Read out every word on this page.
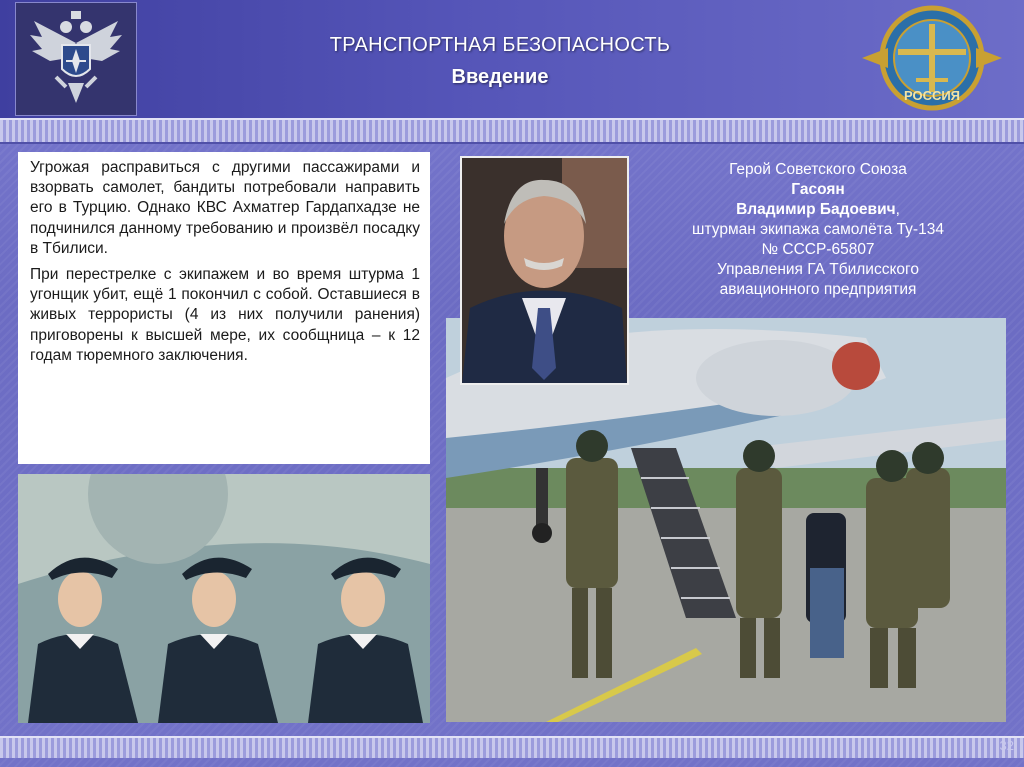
ТРАНСПОРТНАЯ БЕЗОПАСНОСТЬ
Введение
РОССИЯ

Угрожая расправиться с другими пассажирами и взорвать самолет, бандиты потребовали направить его в Турцию. Однако КВС Ахматгер Гардапхадзе не подчинился данному требованию и произвёл посадку в Тбилиси.

При перестрелке с экипажем и во время штурма 1 угонщик убит, ещё 1 покончил с собой. Оставшиеся в живых террористы (4 из них получили ранения) приговорены к высшей мере, их сообщница – к 12 годам тюремного заключения.

Герой Советского Союза
Гасоян
Владимир Бадоевич,
штурман экипажа самолёта Ту-134
№ СССР-65807
Управления ГА Тбилисского
авиационного предприятия
32
